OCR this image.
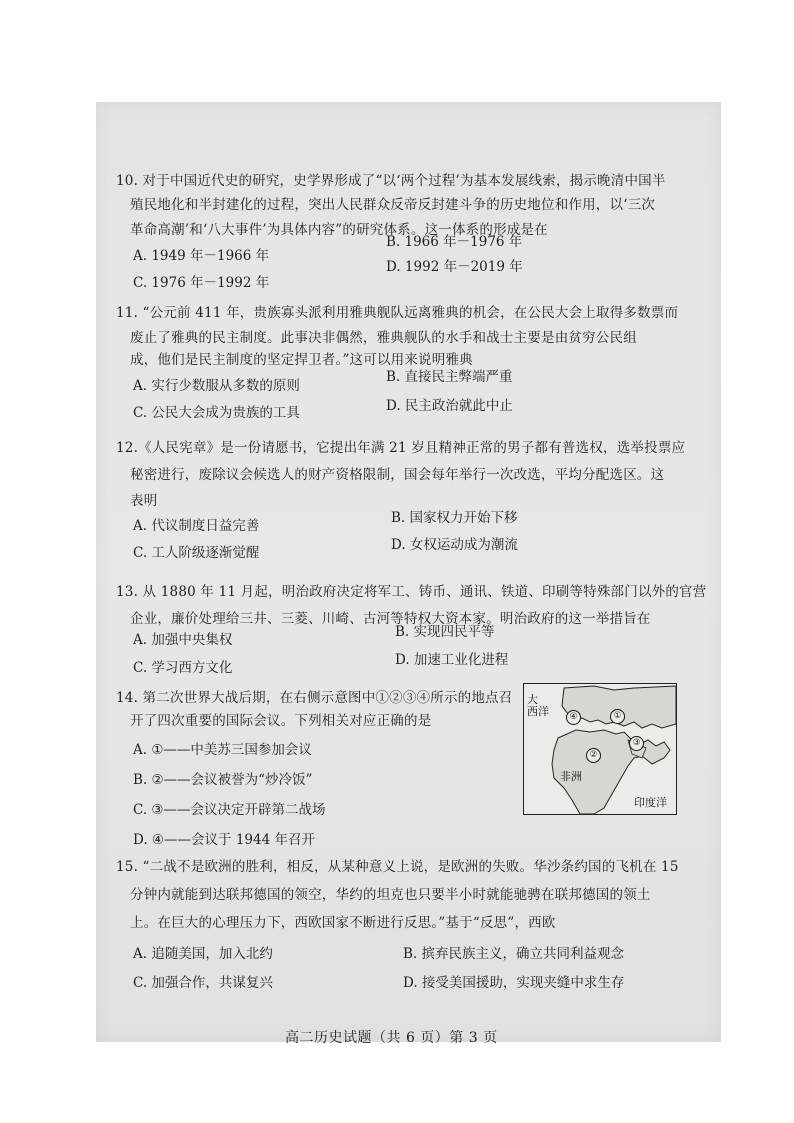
10. 对于中国近代史的研究，史学界形成了“以‘两个过程’为基本发展线索，揭示晚清中国半
殖民地化和半封建化的过程，突出人民群众反帝反封建斗争的历史地位和作用，以‘三次
革命高潮’和‘八大事件’为具体内容”的研究体系。这一体系的形成是在
A. 1949 年－1966 年
B. 1966 年－1976 年
C. 1976 年－1992 年
D. 1992 年－2019 年
11. “公元前 411 年，贵族寡头派利用雅典舰队远离雅典的机会，在公民大会上取得多数票而
废止了雅典的民主制度。此事决非偶然，雅典舰队的水手和战士主要是由贫穷公民组
成，他们是民主制度的坚定捍卫者。”这可以用来说明雅典
A. 实行少数服从多数的原则
B. 直接民主弊端严重
C. 公民大会成为贵族的工具	D. 民主政治就此中止
12.《人民宪章》是一份请愿书，它提出年满 21 岁且精神正常的男子都有普选权，选举投票应
秘密进行，废除议会候选人的财产资格限制，国会每年举行一次改选，平均分配选区。这
表明
A. 代议制度日益完善	B. 国家权力开始下移
C. 工人阶级逐渐觉醒	D. 女权运动成为潮流
13. 从 1880 年 11 月起，明治政府决定将军工、铸币、通讯、铁道、印刷等特殊部门以外的官营
企业，廉价处理给三井、三菱、川崎、古河等特权大资本家。明治政府的这一举措旨在
A. 加强中央集权	B. 实现四民平等
C. 学习西方文化	D. 加速工业化进程
14. 第二次世界大战后期，在右侧示意图中①②③④所示的地点召
开了四次重要的国际会议。下列相关对应正确的是
A. ①——中美苏三国参加会议
B. ②——会议被誉为“炒冷饭”
C. ③——会议决定开辟第二战场
D. ④——会议于 1944 年召开
大
西洋
非洲
印度洋
①
②
③
④
15. “二战不是欧洲的胜利，相反，从某种意义上说，是欧洲的失败。华沙条约国的飞机在 15
分钟内就能到达联邦德国的领空，华约的坦克也只要半小时就能驰骋在联邦德国的领土
上。在巨大的心理压力下，西欧国家不断进行反思。”基于“反思”，西欧
A. 追随美国，加入北约	B. 摈弃民族主义，确立共同利益观念
C. 加强合作，共谋复兴	D. 接受美国援助，实现夹缝中求生存
高二历史试题（共 6 页）第 3 页
